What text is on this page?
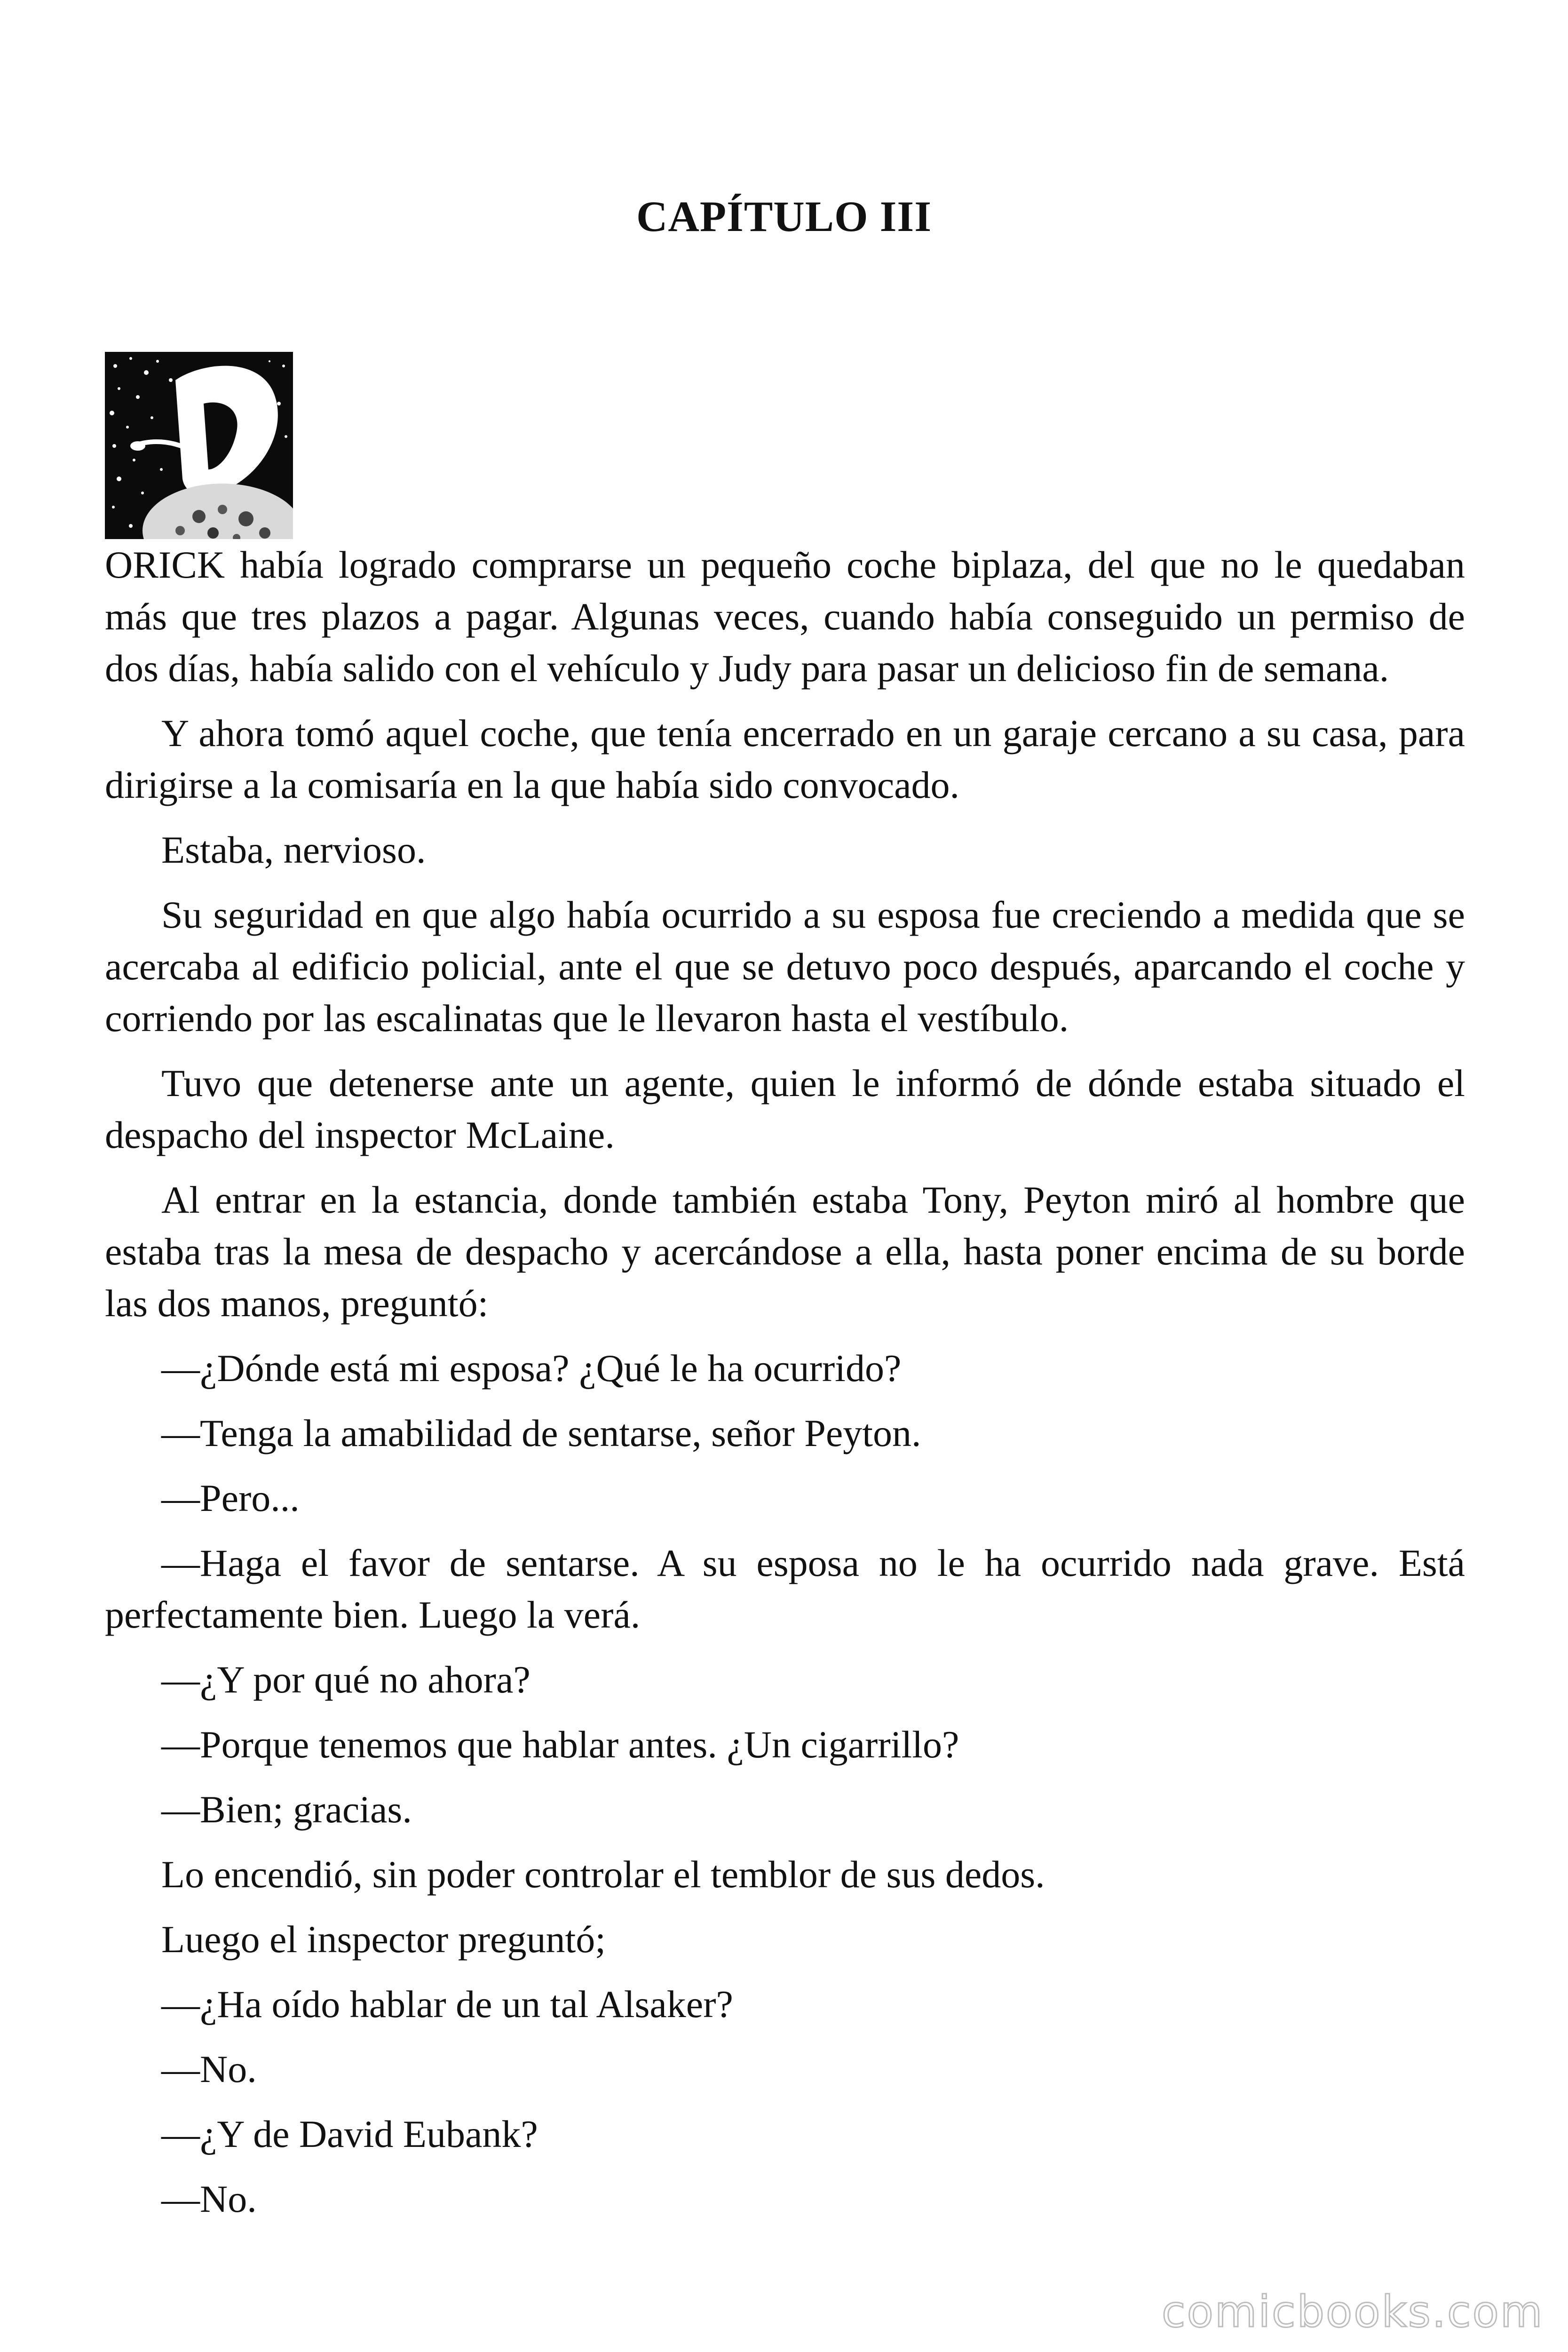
CAPÍTULO III

ORICK había logrado comprarse un pequeño coche biplaza, del que no le quedaban más que tres plazos a pagar. Algunas veces, cuando había conseguido un permiso de dos días, había salido con el vehículo y Judy para pasar un delicioso fin de semana.

Y ahora tomó aquel coche, que tenía encerrado en un garaje cercano a su casa, para dirigirse a la comisaría en la que había sido convocado.

Estaba, nervioso.

Su seguridad en que algo había ocurrido a su esposa fue creciendo a medida que se acercaba al edificio policial, ante el que se detuvo poco después, aparcando el coche y corriendo por las escalinatas que le llevaron hasta el vestíbulo.

Tuvo que detenerse ante un agente, quien le informó de dónde estaba situado el despacho del inspector McLaine.

Al entrar en la estancia, donde también estaba Tony, Peyton miró al hombre que estaba tras la mesa de despacho y acercándose a ella, hasta poner encima de su borde las dos manos, preguntó:

—¿Dónde está mi esposa? ¿Qué le ha ocurrido?

—Tenga la amabilidad de sentarse, señor Peyton.

—Pero...

—Haga el favor de sentarse. A su esposa no le ha ocurrido nada grave. Está perfectamente bien. Luego la verá.

—¿Y por qué no ahora?

—Porque tenemos que hablar antes. ¿Un cigarrillo?

—Bien; gracias.

Lo encendió, sin poder controlar el temblor de sus dedos.

Luego el inspector preguntó;

—¿Ha oído hablar de un tal Alsaker?

—No.

—¿Y de David Eubank?

—No.

comicbooks.com
